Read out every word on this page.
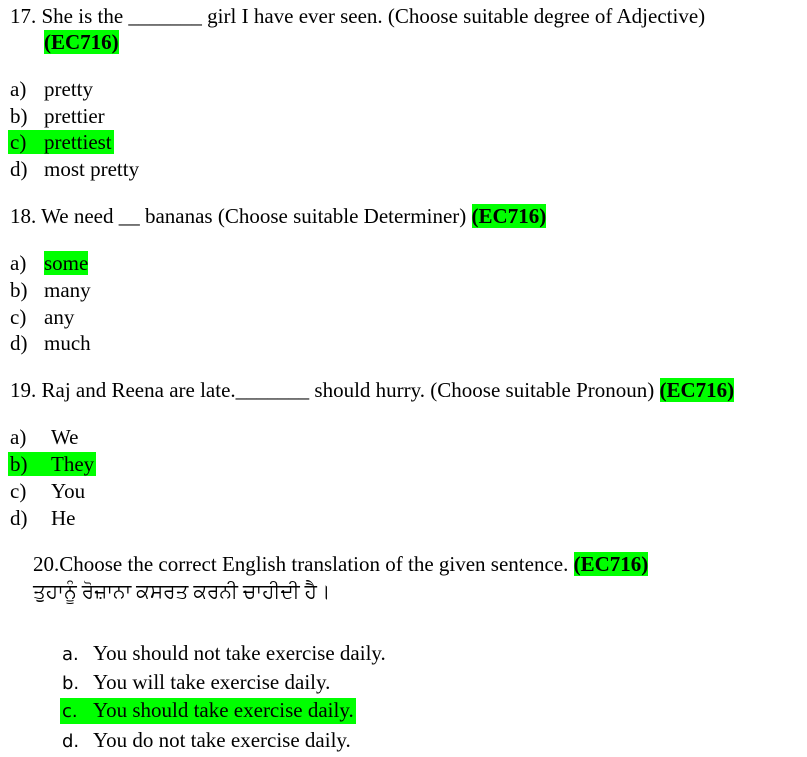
17. She is the _______ girl I have ever seen. (Choose suitable degree of Adjective)
(EC716)
a) pretty
b) prettier
c) prettiest
d) most pretty
18. We need __ bananas (Choose suitable Determiner) (EC716)
a) some
b) many
c) any
d) much
19. Raj and Reena are late._______ should hurry. (Choose suitable Pronoun) (EC716)
a) We
b) They
c) You
d) He
20.Choose the correct English translation of the given sentence. (EC716)
ਤੁਹਾਨੂੰ ਰੋਜ਼ਾਨਾ ਕਸਰਤ ਕਰਨੀ ਚਾਹੀਦੀ ਹੈ।
a. You should not take exercise daily.
b. You will take exercise daily.
c. You should take exercise daily.
d. You do not take exercise daily.
